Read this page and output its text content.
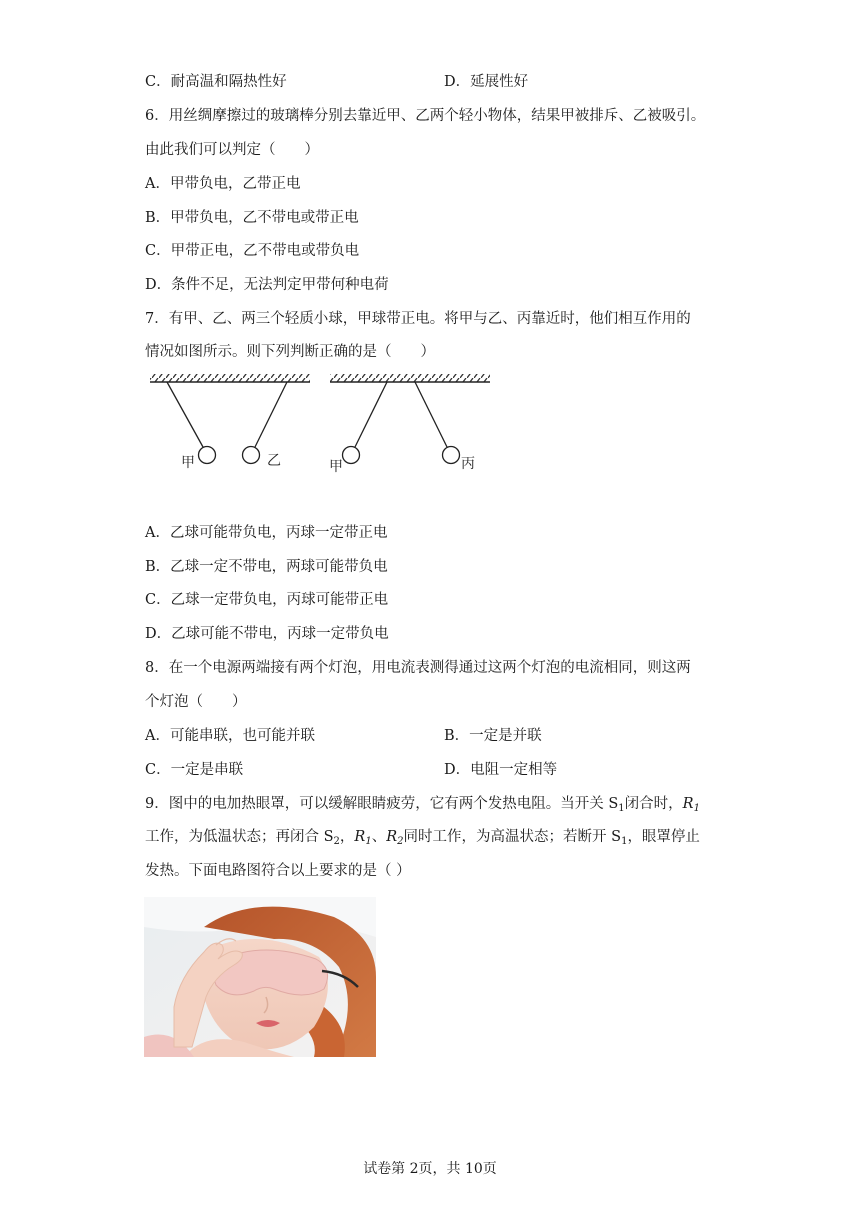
C．耐高温和隔热性好	D．延展性好
6．用丝绸摩擦过的玻璃棒分别去靠近甲、乙两个轻小物体，结果甲被排斥、乙被吸引。
由此我们可以判定（　　）
A．甲带负电，乙带正电
B．甲带负电，乙不带电或带正电
C．甲带正电，乙不带电或带负电
D．条件不足，无法判定甲带何种电荷
7．有甲、乙、两三个轻质小球，甲球带正电。将甲与乙、丙靠近时，他们相互作用的
情况如图所示。则下列判断正确的是（　　）
甲	乙	甲	丙
A．乙球可能带负电，丙球一定带正电
B．乙球一定不带电，两球可能带负电
C．乙球一定带负电，丙球可能带正电
D．乙球可能不带电，丙球一定带负电
8．在一个电源两端接有两个灯泡，用电流表测得通过这两个灯泡的电流相同，则这两
个灯泡（　　）
A．可能串联，也可能并联	B．一定是并联
C．一定是串联	D．电阻一定相等
9．图中的电加热眼罩，可以缓解眼睛疲劳，它有两个发热电阻。当开关 $S_1$闭合时，$R_1$
工作，为低温状态；再闭合 $S_2$，$R_1$、$R_2$同时工作，为高温状态；若断开 $S_1$，眼罩停止
发热。下面电路图符合以上要求的是（ ）
试卷第 2页，共 10页
